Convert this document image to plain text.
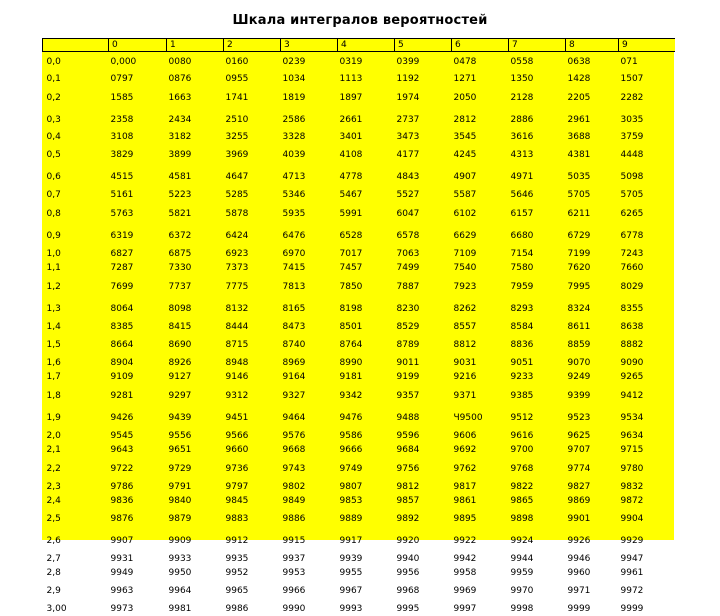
Шкала интегралов вероятностей
	0	1	2	3	4	5	6	7	8	9
0,0	0,000	0080	0160	0239	0319	0399	0478	0558	0638	071
0,1	0797	0876	0955	1034	1113	1192	1271	1350	1428	1507
0,2	1585	1663	1741	1819	1897	1974	2050	2128	2205	2282
0,3	2358	2434	2510	2586	2661	2737	2812	2886	2961	3035
0,4	3108	3182	3255	3328	3401	3473	3545	3616	3688	3759
0,5	3829	3899	3969	4039	4108	4177	4245	4313	4381	4448
0,6	4515	4581	4647	4713	4778	4843	4907	4971	5035	5098
0,7	5161	5223	5285	5346	5467	5527	5587	5646	5705	5705
0,8	5763	5821	5878	5935	5991	6047	6102	6157	6211	6265
0,9	6319	6372	6424	6476	6528	6578	6629	6680	6729	6778
1,0	6827	6875	6923	6970	7017	7063	7109	7154	7199	7243
1,1	7287	7330	7373	7415	7457	7499	7540	7580	7620	7660
1,2	7699	7737	7775	7813	7850	7887	7923	7959	7995	8029
1,3	8064	8098	8132	8165	8198	8230	8262	8293	8324	8355
1,4	8385	8415	8444	8473	8501	8529	8557	8584	8611	8638
1,5	8664	8690	8715	8740	8764	8789	8812	8836	8859	8882
1,6	8904	8926	8948	8969	8990	9011	9031	9051	9070	9090
1,7	9109	9127	9146	9164	9181	9199	9216	9233	9249	9265
1,8	9281	9297	9312	9327	9342	9357	9371	9385	9399	9412
1,9	9426	9439	9451	9464	9476	9488	Ч9500	9512	9523	9534
2,0	9545	9556	9566	9576	9586	9596	9606	9616	9625	9634
2,1	9643	9651	9660	9668	9666	9684	9692	9700	9707	9715
2,2	9722	9729	9736	9743	9749	9756	9762	9768	9774	9780
2,3	9786	9791	9797	9802	9807	9812	9817	9822	9827	9832
2,4	9836	9840	9845	9849	9853	9857	9861	9865	9869	9872
2,5	9876	9879	9883	9886	9889	9892	9895	9898	9901	9904
2,6	9907	9909	9912	9915	9917	9920	9922	9924	9926	9929
2,7	9931	9933	9935	9937	9939	9940	9942	9944	9946	9947
2,8	9949	9950	9952	9953	9955	9956	9958	9959	9960	9961
2,9	9963	9964	9965	9966	9967	9968	9969	9970	9971	9972
3,00	9973	9981	9986	9990	9993	9995	9997	9998	9999	9999
